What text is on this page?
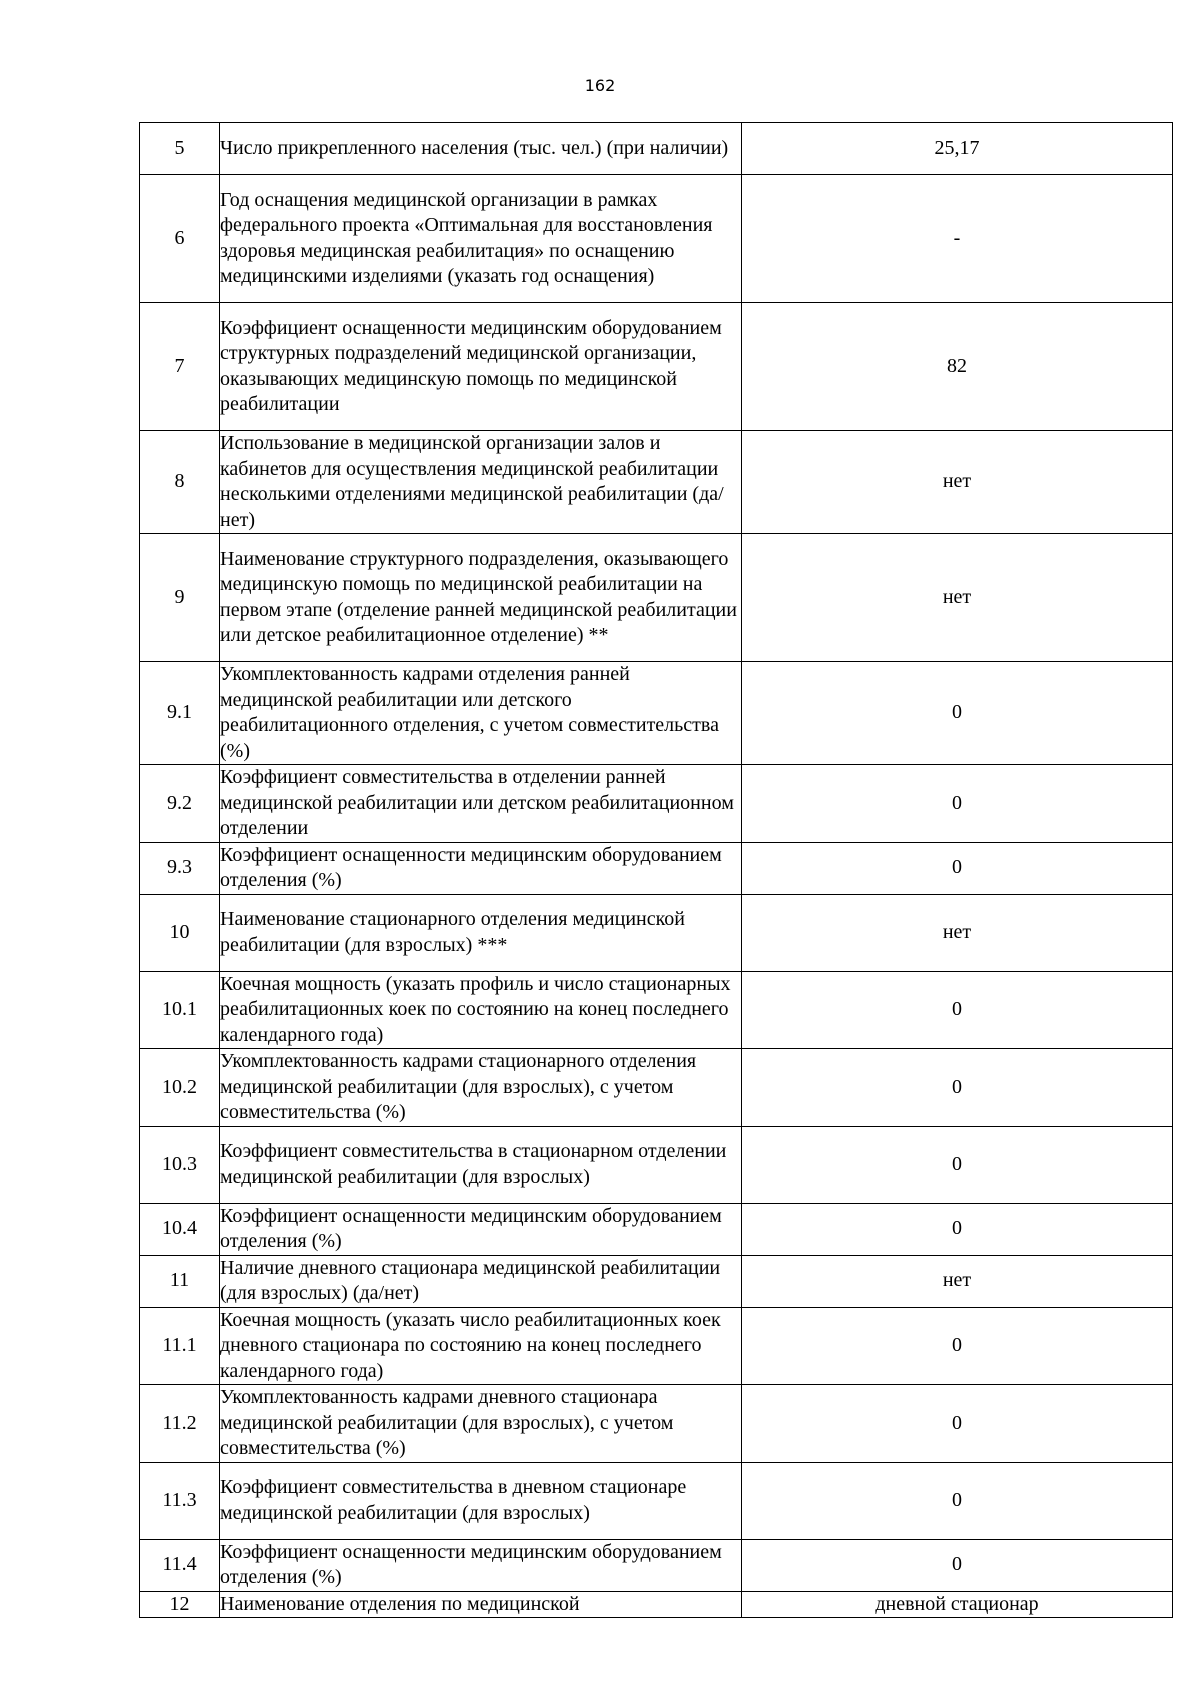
162
5	Число прикрепленного населения (тыс. чел.) (при наличии)	25,17
6	Год оснащения медицинской организации в рамках федерального проекта «Оптимальная для восстановления здоровья медицинская реабилитация» по оснащению медицинскими изделиями (указать год оснащения)	-
7	Коэффициент оснащенности медицинским оборудованием структурных подразделений медицинской организации, оказывающих медицинскую помощь по медицинской реабилитации	82
8	Использование в медицинской организации залов и кабинетов для осуществления медицинской реабилитации несколькими отделениями медицинской реабилитации (да/нет)	нет
9	Наименование структурного подразделения, оказывающего медицинскую помощь по медицинской реабилитации на первом этапе (отделение ранней медицинской реабилитации или детское реабилитационное отделение) **	нет
9.1	Укомплектованность кадрами отделения ранней медицинской реабилитации или детского реабилитационного отделения, с учетом совместительства (%)	0
9.2	Коэффициент совместительства в отделении ранней медицинской реабилитации или детском реабилитационном отделении	0
9.3	Коэффициент оснащенности медицинским оборудованием отделения (%)	0
10	Наименование стационарного отделения медицинской реабилитации (для взрослых) ***	нет
10.1	Коечная мощность (указать профиль и число стационарных реабилитационных коек по состоянию на конец последнего календарного года)	0
10.2	Укомплектованность кадрами стационарного отделения медицинской реабилитации (для взрослых), с учетом совместительства (%)	0
10.3	Коэффициент совместительства в стационарном отделении медицинской реабилитации (для взрослых)	0
10.4	Коэффициент оснащенности медицинским оборудованием отделения (%)	0
11	Наличие дневного стационара медицинской реабилитации (для взрослых) (да/нет)	нет
11.1	Коечная мощность (указать число реабилитационных коек дневного стационара по состоянию на конец последнего календарного года)	0
11.2	Укомплектованность кадрами дневного стационара медицинской реабилитации (для взрослых), с учетом совместительства (%)	0
11.3	Коэффициент совместительства в дневном стационаре медицинской реабилитации (для взрослых)	0
11.4	Коэффициент оснащенности медицинским оборудованием отделения (%)	0
12	Наименование отделения по медицинской	дневной стационар
